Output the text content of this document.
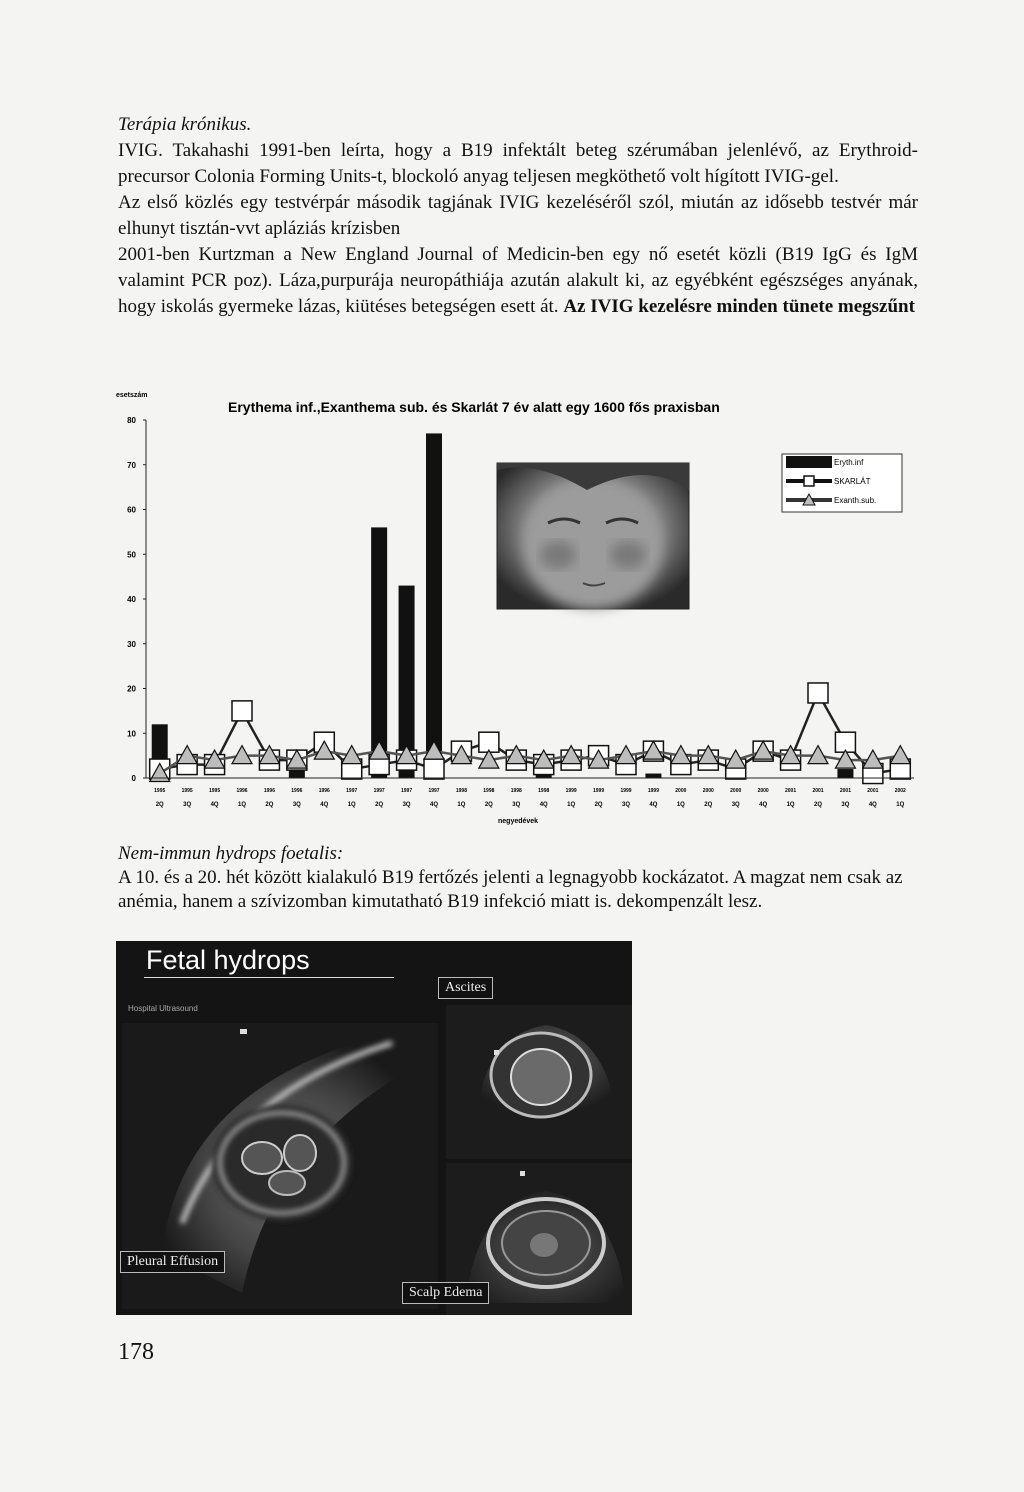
Terápia krónikus.

IVIG. Takahashi 1991-ben leírta, hogy a B19 infektált beteg szérumában jelenlévő, az Erythroid-precursor Colonia Forming Units-t, blockoló anyag teljesen megköthető volt hígított IVIG-gel.

Az első közlés egy testvérpár második tagjának IVIG kezeléséről szól, miután az idősebb testvér már elhunyt tisztán-vvt apláziás krízisben

2001-ben Kurtzman a New England Journal of Medicin-ben egy nő esetét közli (B19 IgG és IgM valamint PCR poz). Láza,purpurája neuropáthiája azután alakult ki, az egyébként egészséges anyának, hogy iskolás gyermeke lázas, kiütéses betegségen esett át. Az IVIG kezelésre minden tünete megszűnt

esetszám
Erythema inf.,Exanthema sub. és Skarlát 7 év alatt egy 1600 fős praxisban
0
10
20
30
40
50
60
70
80
1995
2Q
1995
3Q
1995
4Q
1996
1Q
1996
2Q
1996
3Q
1996
4Q
1997
1Q
1997
2Q
1997
3Q
1997
4Q
1998
1Q
1998
2Q
1998
3Q
1998
4Q
1999
1Q
1999
2Q
1999
3Q
1999
4Q
2000
1Q
2000
2Q
2000
3Q
2000
4Q
2001
1Q
2001
2Q
2001
3Q
2001
4Q
2002
1Q
negyedévek
Eryth.inf
SKARLÁT
Exanth.sub.

Nem-immun hydrops foetalis:

A 10. és a 20. hét között kialakuló B19 fertőzés jelenti a legnagyobb kockázatot. A magzat nem csak az anémia, hanem a szívizomban kimutatható B19 infekció miatt is. dekompenzált lesz.

Fetal hydrops
Hospital Ultrasound
Ascites
Pleural Effusion
Scalp Edema
178
